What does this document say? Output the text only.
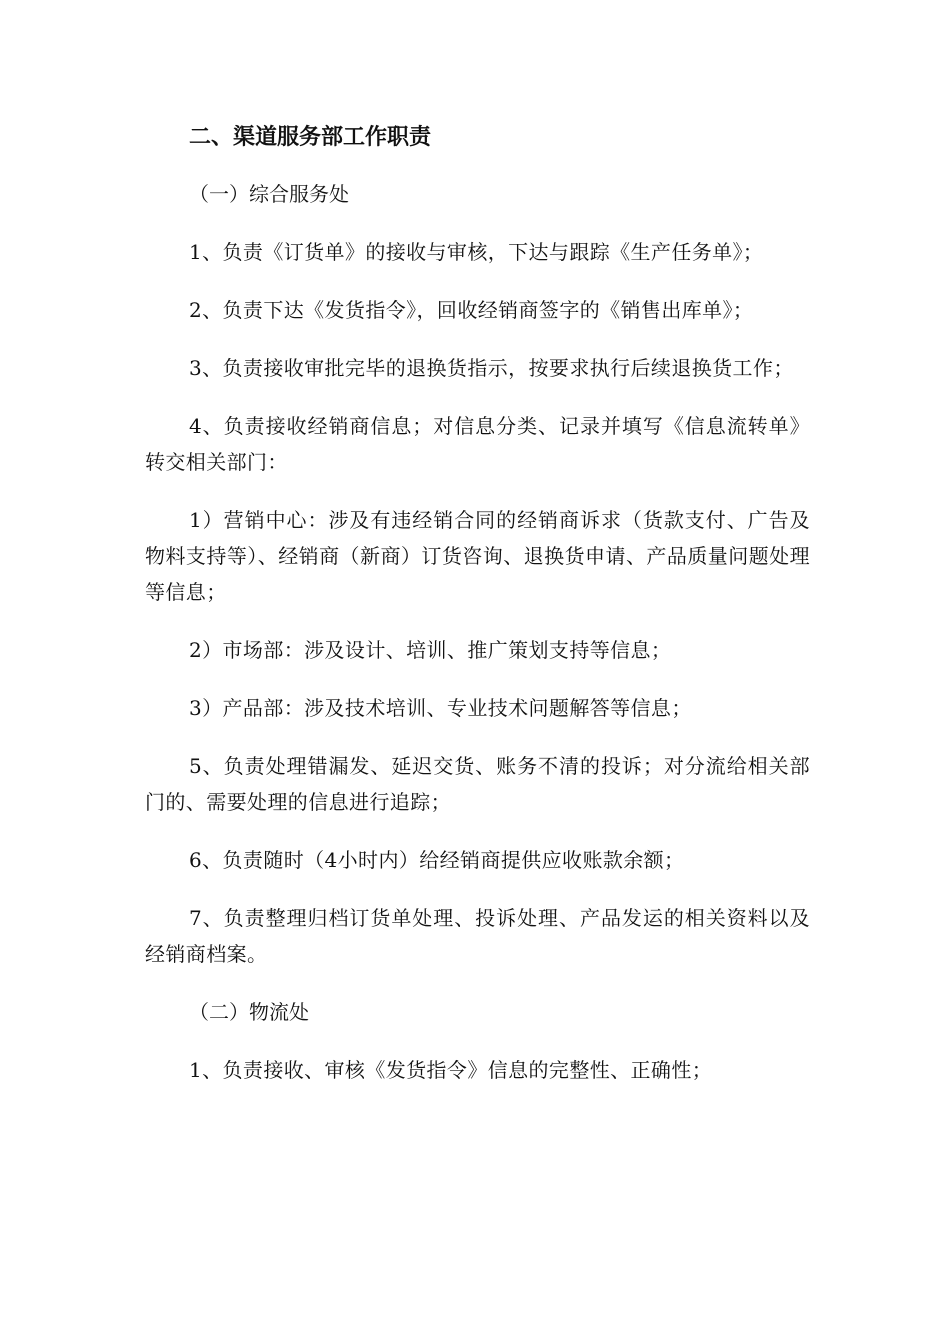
二、渠道服务部工作职责
（一）综合服务处

1、负责《订货单》的接收与审核，下达与跟踪《生产任务单》；

2、负责下达《发货指令》，回收经销商签字的《销售出库单》；

3、负责接收审批完毕的退换货指示，按要求执行后续退换货工作；

4、负责接收经销商信息；对信息分类、记录并填写《信息流转单》转交相关部门：

1）营销中心：涉及有违经销合同的经销商诉求（货款支付、广告及物料支持等）、经销商（新商）订货咨询、退换货申请、产品质量问题处理等信息；

2）市场部：涉及设计、培训、推广策划支持等信息；

3）产品部：涉及技术培训、专业技术问题解答等信息；

5、负责处理错漏发、延迟交货、账务不清的投诉；对分流给相关部门的、需要处理的信息进行追踪；

6、负责随时（4小时内）给经销商提供应收账款余额；

7、负责整理归档订货单处理、投诉处理、产品发运的相关资料以及经销商档案。

（二）物流处

1、负责接收、审核《发货指令》信息的完整性、正确性；
